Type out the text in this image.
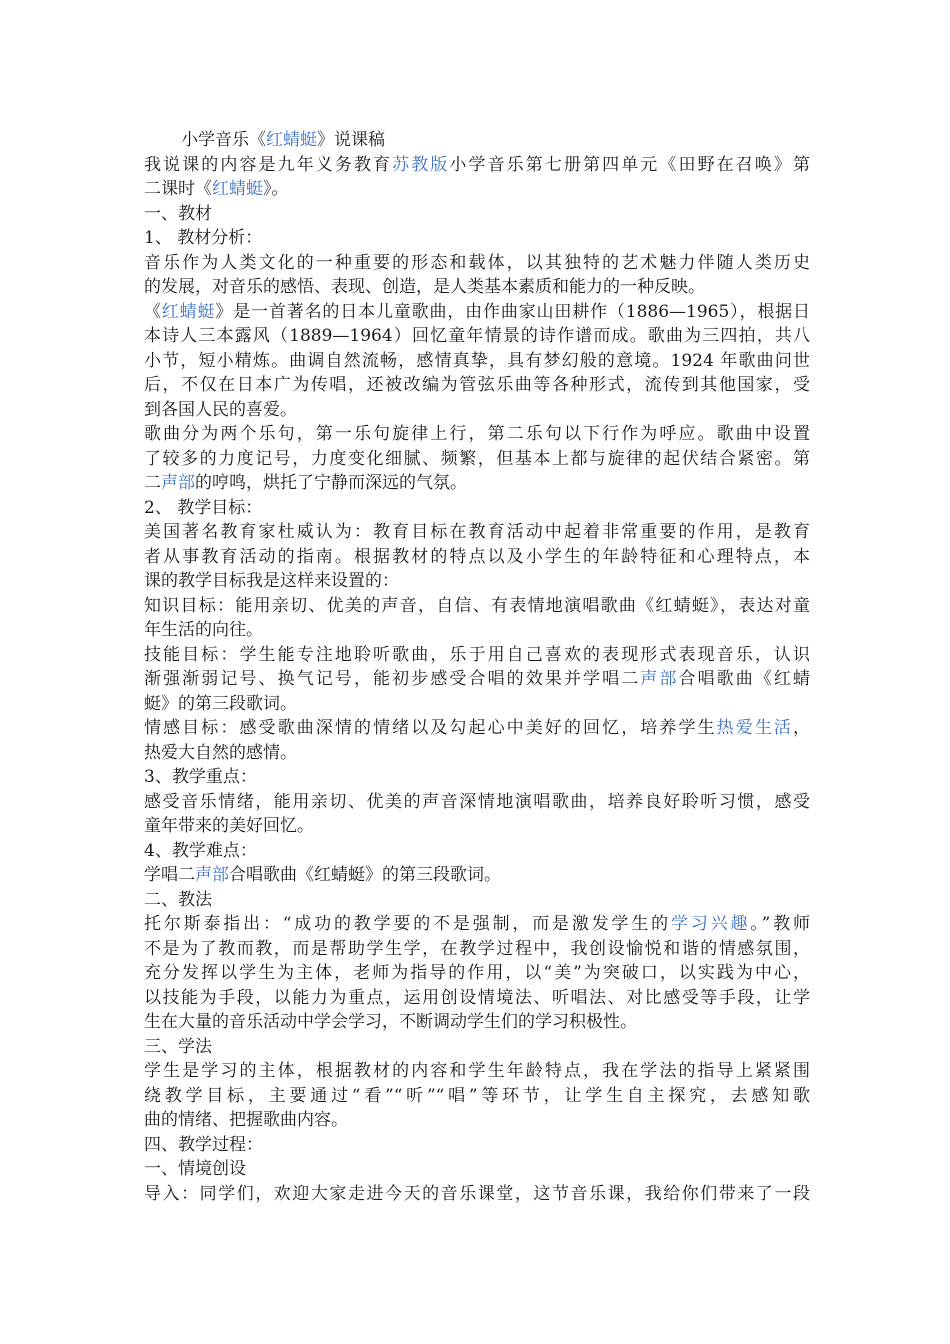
小学音乐《红蜻蜓》说课稿
我说课的内容是九年义务教育苏教版小学音乐第七册第四单元《田野在召唤》第
二课时《红蜻蜓》。
一、教材
1、 教材分析：
音乐作为人类文化的一种重要的形态和载体，以其独特的艺术魅力伴随人类历史
的发展，对音乐的感悟、表现、创造，是人类基本素质和能力的一种反映。
《红蜻蜓》是一首著名的日本儿童歌曲，由作曲家山田耕作（1886—1965），根据日
本诗人三本露风（1889—1964）回忆童年情景的诗作谱而成。歌曲为三四拍，共八
小节，短小精炼。曲调自然流畅，感情真挚，具有梦幻般的意境。1924 年歌曲问世
后，不仅在日本广为传唱，还被改编为管弦乐曲等各种形式，流传到其他国家，受
到各国人民的喜爱。
歌曲分为两个乐句，第一乐句旋律上行，第二乐句以下行作为呼应。歌曲中设置
了较多的力度记号，力度变化细腻、频繁，但基本上都与旋律的起伏结合紧密。第
二声部的哼鸣，烘托了宁静而深远的气氛。
2、 教学目标：
美国著名教育家杜威认为：教育目标在教育活动中起着非常重要的作用，是教育
者从事教育活动的指南。根据教材的特点以及小学生的年龄特征和心理特点，本
课的教学目标我是这样来设置的：
知识目标：能用亲切、优美的声音，自信、有表情地演唱歌曲《红蜻蜓》，表达对童
年生活的向往。
技能目标：学生能专注地聆听歌曲，乐于用自己喜欢的表现形式表现音乐，认识
渐强渐弱记号、换气记号，能初步感受合唱的效果并学唱二声部合唱歌曲《红蜻
蜓》的第三段歌词。
情感目标：感受歌曲深情的情绪以及勾起心中美好的回忆，培养学生热爱生活，
热爱大自然的感情。
3、教学重点：
感受音乐情绪，能用亲切、优美的声音深情地演唱歌曲，培养良好聆听习惯，感受
童年带来的美好回忆。
4、教学难点：
学唱二声部合唱歌曲《红蜻蜓》的第三段歌词。
二、教法
托尔斯泰指出：“成功的教学要的不是强制，而是激发学生的学习兴趣。”教师
不是为了教而教，而是帮助学生学，在教学过程中，我创设愉悦和谐的情感氛围，
充分发挥以学生为主体，老师为指导的作用，以“美”为突破口，以实践为中心，
以技能为手段，以能力为重点，运用创设情境法、听唱法、对比感受等手段，让学
生在大量的音乐活动中学会学习，不断调动学生们的学习积极性。
三、学法
学生是学习的主体，根据教材的内容和学生年龄特点，我在学法的指导上紧紧围
绕教学目标，主要通过“看”“听”“唱”等环节，让学生自主探究，去感知歌
曲的情绪、把握歌曲内容。
四、教学过程：
一、情境创设
导入：同学们，欢迎大家走进今天的音乐课堂，这节音乐课，我给你们带来了一段
